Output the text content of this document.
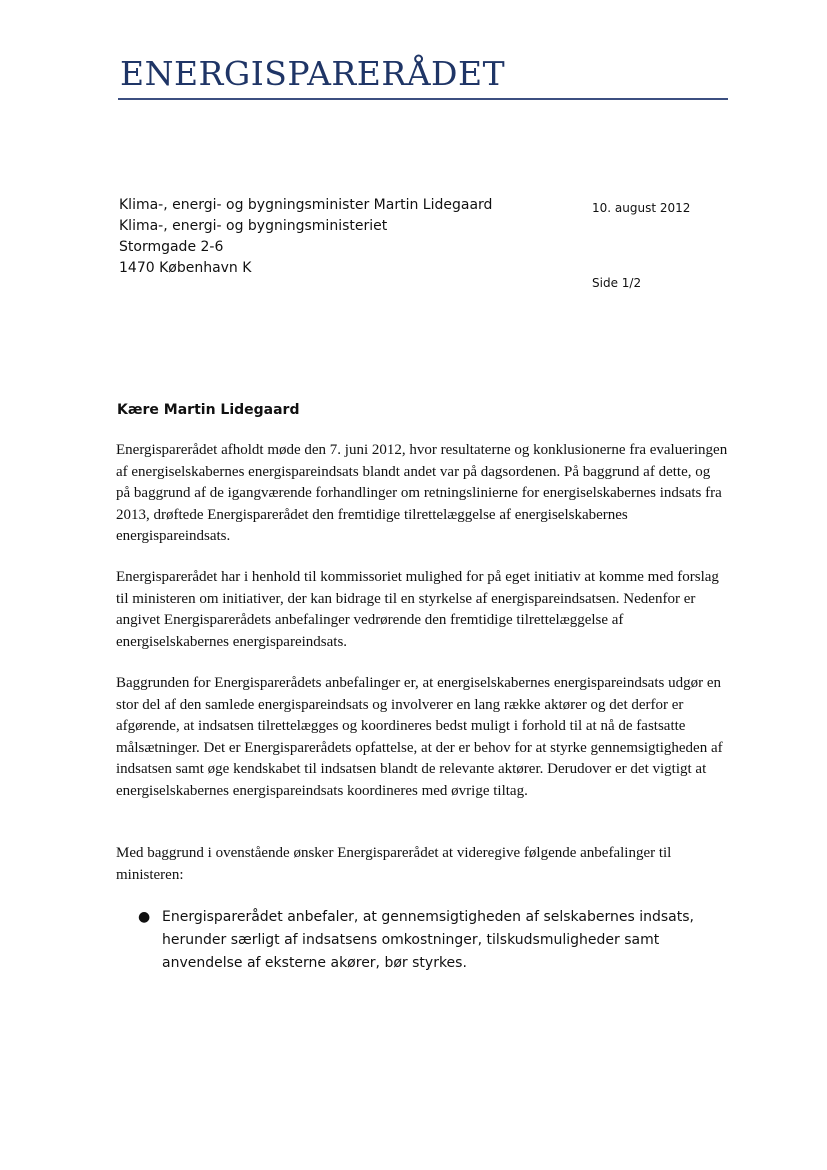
ENERGISPARERÅDET
Klima-, energi- og bygningsminister Martin Lidegaard
Klima-, energi- og bygningsministeriet
Stormgade 2-6
1470 København K
10. august 2012
Side 1/2
Kære Martin Lidegaard

Energisparerådet afholdt møde den 7. juni 2012, hvor resultaterne og konklusionerne fra evalueringen af energiselskabernes energispareindsats blandt andet var på dagsordenen. På baggrund af dette, og på baggrund af de igangværende forhandlinger om retningslinierne for energiselskabernes indsats fra 2013, drøftede Energisparerådet den fremtidige tilrettelæggelse af energiselskabernes energispareindsats.

Energisparerådet har i henhold til kommissoriet mulighed for på eget initiativ at komme med forslag til ministeren om initiativer, der kan bidrage til en styrkelse af energispareindsatsen. Nedenfor er angivet Energisparerådets anbefalinger vedrørende den fremtidige tilrettelæggelse af energiselskabernes energispareindsats.

Baggrunden for Energisparerådets anbefalinger er, at energiselskabernes energispareindsats udgør en stor del af den samlede energispareindsats og involverer en lang række aktører og det derfor er afgørende, at indsatsen tilrettelægges og koordineres bedst muligt i forhold til at nå de fastsatte målsætninger. Det er Energisparerådets opfattelse, at der er behov for at styrke gennemsigtigheden af indsatsen samt øge kendskabet til indsatsen blandt de relevante aktører. Derudover er det vigtigt at energiselskabernes energispareindsats koordineres med øvrige tiltag.

Med baggrund i ovenstående ønsker Energisparerådet at videregive følgende anbefalinger til ministeren:

● Energisparerådet anbefaler, at gennemsigtigheden af selskabernes indsats, herunder særligt af indsatsens omkostninger, tilskudsmuligheder samt anvendelse af eksterne akører, bør styrkes.
